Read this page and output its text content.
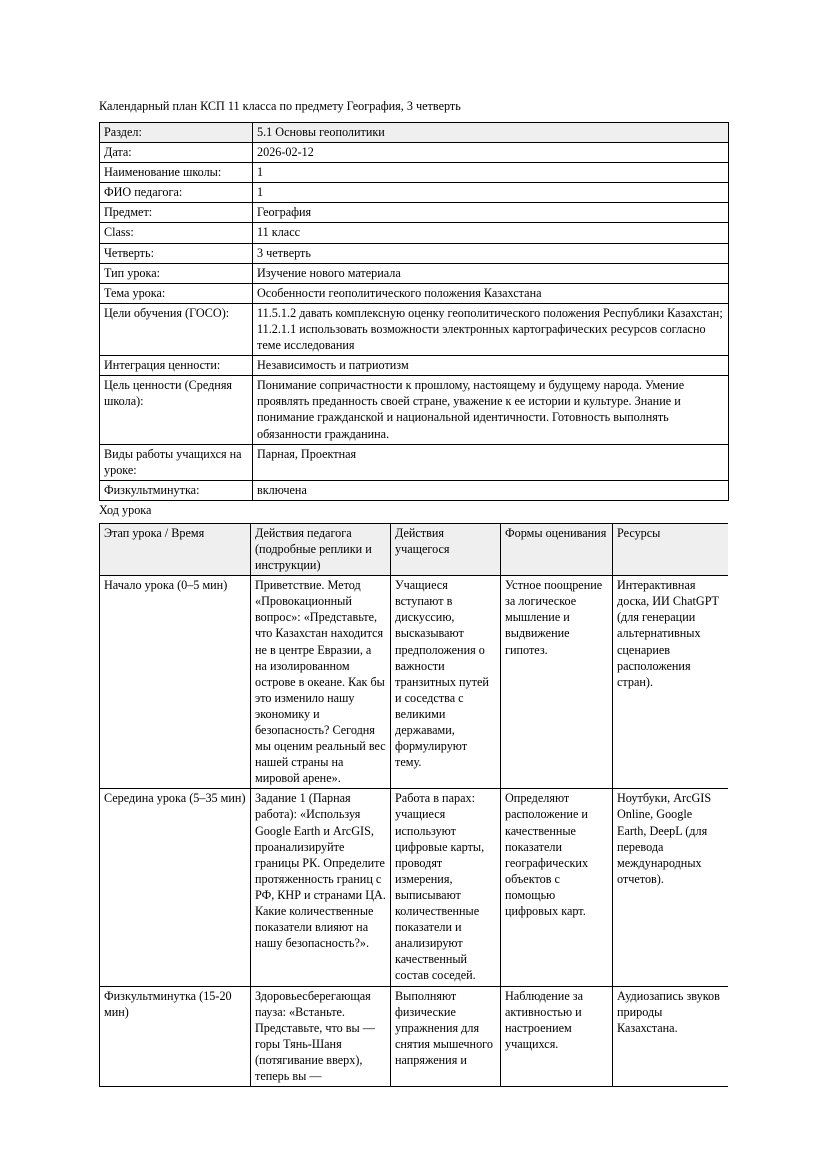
Календарный план КСП 11 класса по предмету География, 3 четверть
Раздел:	5.1 Основы геополитики
Дата:	2026-02-12
Наименование школы:	1
ФИО педагога:	1
Предмет:	География
Class:	11 класс
Четверть:	3 четверть
Тип урока:	Изучение нового материала
Тема урока:	Особенности геополитического положения Казахстана
Цели обучения (ГОСО):	11.5.1.2 давать комплексную оценку геополитического положения Республики Казахстан; 11.2.1.1 использовать возможности электронных картографических ресурсов согласно теме исследования
Интеграция ценности:	Независимость и патриотизм
Цель ценности (Средняя школа):	Понимание сопричастности к прошлому, настоящему и будущему народа. Умение проявлять преданность своей стране, уважение к ее истории и культуре. Знание и понимание гражданской и национальной идентичности. Готовность выполнять обязанности гражданина.
Виды работы учащихся на уроке:	Парная, Проектная
Физкультминутка:	включена
Ход урока
Этап урока / Время	Действия педагога (подробные реплики и инструкции)	Действия учащегося	Формы оценивания	Ресурсы
Начало урока (0–5 мин)	Приветствие. Метод «Провокационный вопрос»: «Представьте, что Казахстан находится не в центре Евразии, а на изолированном острове в океане. Как бы это изменило нашу экономику и безопасность? Сегодня мы оценим реальный вес нашей страны на мировой арене».	Учащиеся вступают в дискуссию, высказывают предположения о важности транзитных путей и соседства с великими державами, формулируют тему.	Устное поощрение за логическое мышление и выдвижение гипотез.	Интерактивная доска, ИИ ChatGPT (для генерации альтернативных сценариев расположения стран).
Середина урока (5–35 мин)	Задание 1 (Парная работа): «Используя Google Earth и ArcGIS, проанализируйте границы РК. Определите протяженность границ с РФ, КНР и странами ЦА. Какие количественные показатели влияют на нашу безопасность?».	Работа в парах: учащиеся используют цифровые карты, проводят измерения, выписывают количественные показатели и анализируют качественный состав соседей.	Определяют расположение и качественные показатели географических объектов с помощью цифровых карт.	Ноутбуки, ArcGIS Online, Google Earth, DeepL (для перевода международных отчетов).
Физкультминутка (15-20 мин)	Здоровьесберегающая пауза: «Встаньте. Представьте, что вы — горы Тянь-Шаня (потягивание вверх), теперь вы —	Выполняют физические упражнения для снятия мышечного напряжения и	Наблюдение за активностью и настроением учащихся.	Аудиозапись звуков природы Казахстана.
